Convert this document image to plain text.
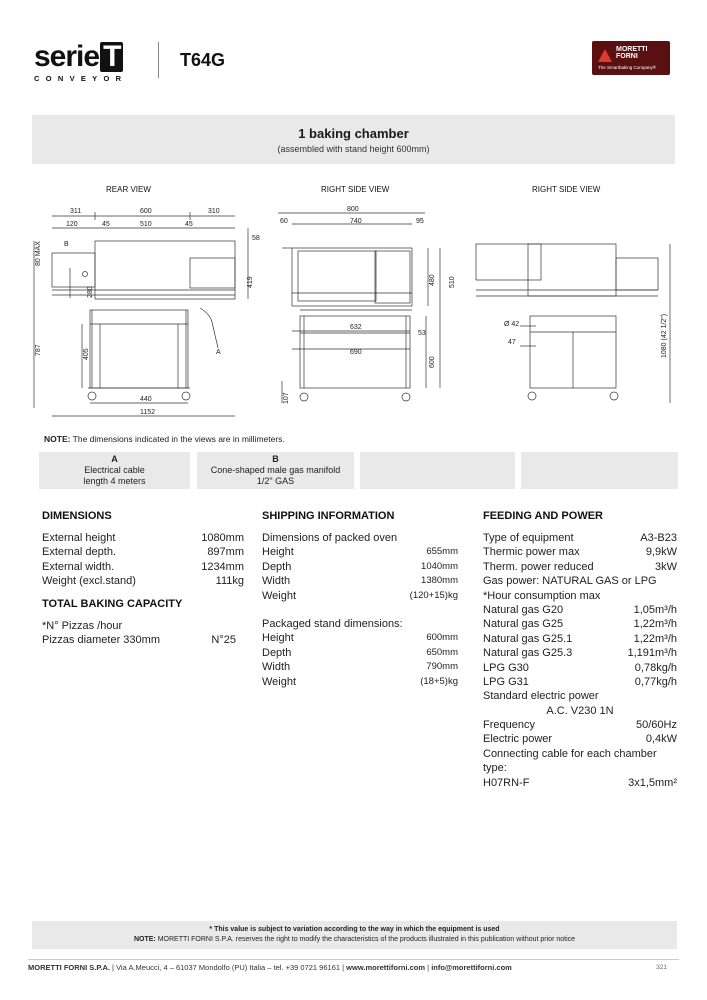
serie T
CONVEYOR
T64G
MORETTI
FORNI
The Smartbaking Company®
1 baking chamber
(assembled with stand height 600mm)
REAR VIEW	RIGHT SIDE VIEW	RIGHT SIDE VIEW
311	600	310
120	45	510	45
58
80 MAX	B
280
419
787	405	A
440
1152
800
60	740	95
480 510
632
53
690
600
107
Ø 42
47	1080 (42 1/2")
NOTE: The dimensions indicated in the views are in millimeters.
A
Electrical cable
length 4 meters
B
Cone-shaped male gas manifold
1/2" GAS
DIMENSIONS
External height	1080mm
External depth.	897mm
External width.	1234mm
Weight (excl.stand)	111kg
TOTAL BAKING CAPACITY
*N° Pizzas /hour
Pizzas diameter 330mm	N°25
SHIPPING INFORMATION
Dimensions of packed oven
Height	655mm
Depth	1040mm
Width	1380mm
Weight	(120+15)kg
Packaged stand dimensions:
Height	600mm
Depth	650mm
Width	790mm
Weight	(18+5)kg
FEEDING AND POWER
Type of equipment	A3-B23
Thermic power max	9,9kW
Therm. power reduced	3kW
Gas power: NATURAL GAS or LPG
*Hour consumption max
Natural gas G20	1,05m³/h
Natural gas G25	1,22m³/h
Natural gas G25.1	1,22m³/h
Natural gas G25.3	1,191m³/h
LPG G30	0,78kg/h
LPG G31	0,77kg/h
Standard electric power
A.C. V230 1N
Frequency	50/60Hz
Electric power	0,4kW
Connecting cable for each chamber type:
H07RN-F	3x1,5mm²
* This value is subject to variation according to the way in which the equipment is used
NOTE: MORETTI FORNI S.P.A. reserves the right to modify the characteristics of the products illustrated in this publication without prior notice
MORETTI FORNI S.P.A. | Via A.Meucci, 4 – 61037 Mondolfo (PU) Italia – tel. +39 0721 96161 | www.morettiforni.com | info@morettiforni.com	321
